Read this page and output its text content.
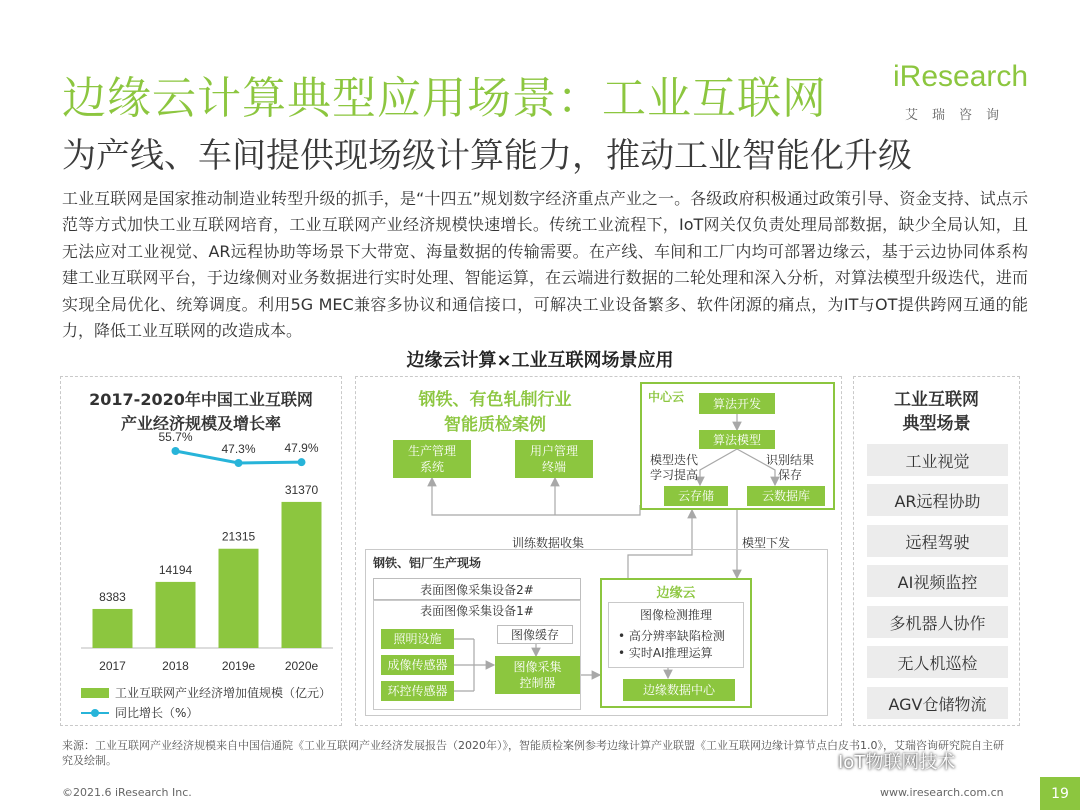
边缘云计算典型应用场景：工业互联网
为产线、车间提供现场级计算能力，推动工业智能化升级
iResearch
艾瑞咨询
工业互联网是国家推动制造业转型升级的抓手，是“十四五”规划数字经济重点产业之一。各级政府积极通过政策引导、资金支持、试点示范等方式加快工业互联网培育，工业互联网产业经济规模快速增长。传统工业流程下，IoT网关仅负责处理局部数据，缺少全局认知，且无法应对工业视觉、AR远程协助等场景下大带宽、海量数据的传输需要。在产线、车间和工厂内均可部署边缘云，基于云边协同体系构建工业互联网平台，于边缘侧对业务数据进行实时处理、智能运算，在云端进行数据的二轮处理和深入分析，对算法模型升级迭代，进而实现全局优化、统筹调度。利用5G MEC兼容多协议和通信接口，可解决工业设备繁多、软件闭源的痛点，为IT与OT提供跨网互通的能力，降低工业互联网的改造成本。
边缘云计算×工业互联网场景应用
2017-2020年中国工业互联网
产业经济规模及增长率
8383
2017
14194
2018
21315
2019e
31370
2020e
55.7%
47.3% 47.9%
工业互联网产业经济增加值规模（亿元）
同比增长（%）
钢铁、有色轧制行业
智能质检案例
生产管理
系统
用户管理
终端
中心云	算法开发
算法模型
模型迭代
学习提高
识别结果
保存
云存储	云数据库
训练数据收集	模型下发
钢铁、铝厂生产现场
表面图像采集设备2#
表面图像采集设备1#
照明设施
成像传感器
环控传感器
图像缓存
图像采集
控制器
边缘云
图像检测推理
• 高分辨率缺陷检测
• 实时AI推理运算
边缘数据中心
工业互联网
典型场景
工业视觉
AR远程协助
远程驾驶
AI视频监控
多机器人协作
无人机巡检
AGV仓储物流
来源：工业互联网产业经济规模来自中国信通院《工业互联网产业经济发展报告（2020年）》，智能质检案例参考边缘计算产业联盟《工业互联网边缘计算节点白皮书1.0》，艾瑞咨询研究院自主研究及绘制。	IoT物联网技术
©2021.6 iResearch Inc.	www.iresearch.com.cn	19
